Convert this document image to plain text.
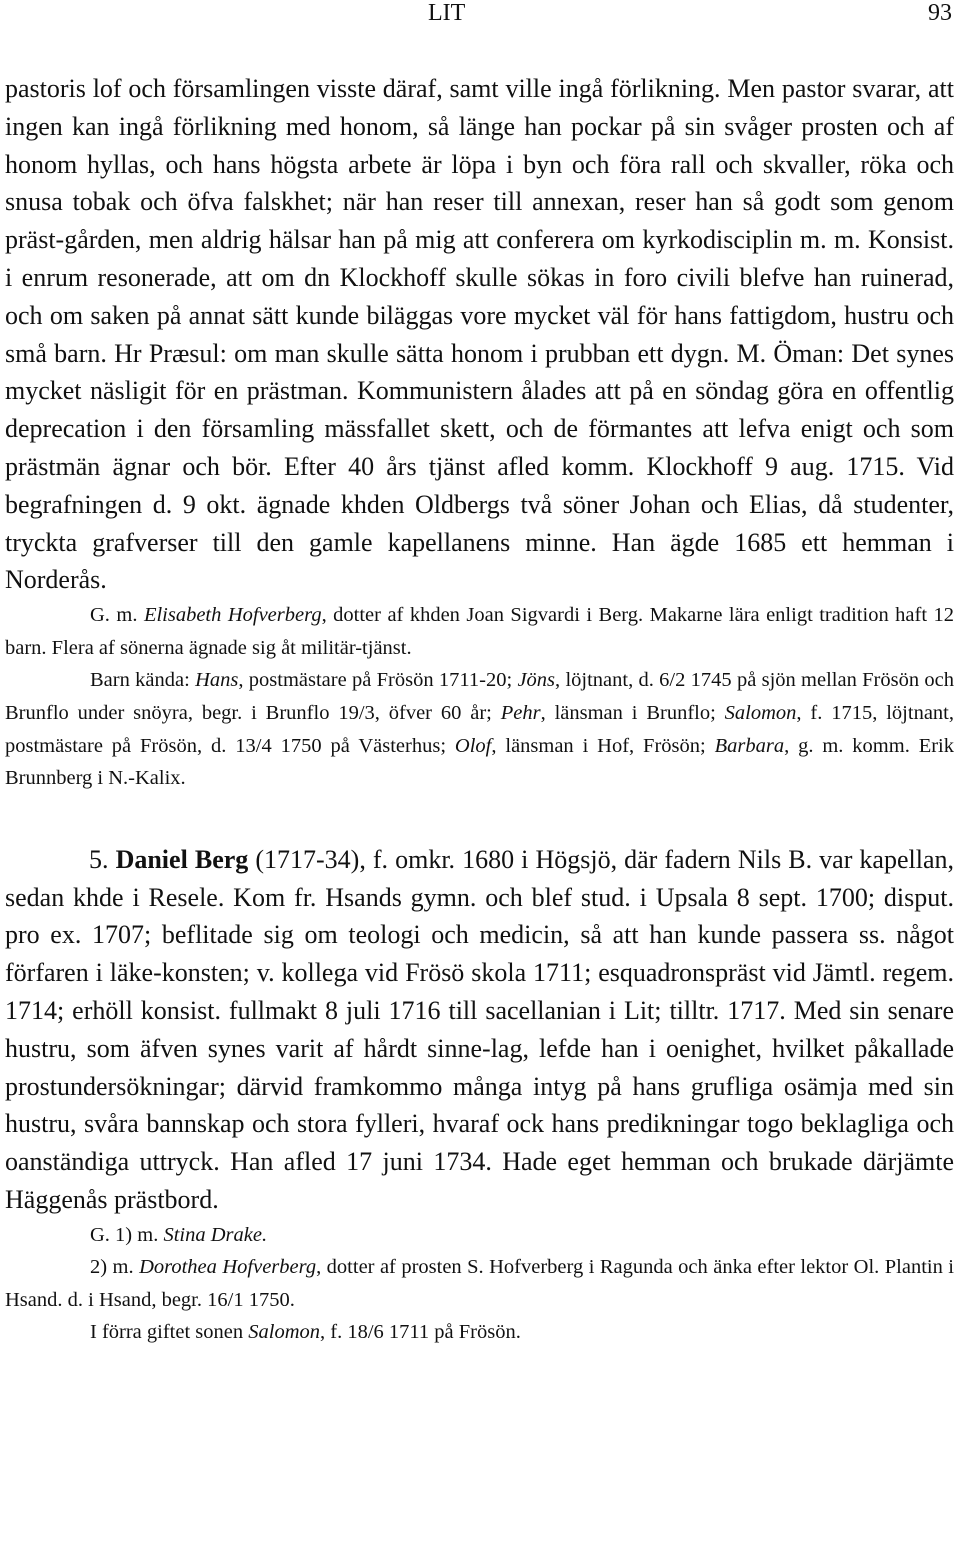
LIT	93

pastoris lof och församlingen visste däraf, samt ville ingå förlikning. Men pastor svarar, att ingen kan ingå förlikning med honom, så länge han pockar på sin svåger prosten och af honom hyllas, och hans högsta arbete är löpa i byn och föra rall och skvaller, röka och snusa tobak och öfva falskhet; när han reser till annexan, reser han så godt som genom präst-gården, men aldrig hälsar han på mig att conferera om kyrkodisciplin m. m. Konsist. i enrum resonerade, att om dn Klockhoff skulle sökas in foro civili blefve han ruinerad, och om saken på annat sätt kunde biläggas vore mycket väl för hans fattigdom, hustru och små barn. Hr Præsul: om man skulle sätta honom i prubban ett dygn. M. Öman: Det synes mycket näsligit för en prästman. Kommunistern ålades att på en söndag göra en offentlig deprecation i den församling mässfallet skett, och de förmantes att lefva enigt och som prästmän ägnar och bör. Efter 40 års tjänst afled komm. Klockhoff 9 aug. 1715. Vid begrafningen d. 9 okt. ägnade khden Oldbergs två söner Johan och Elias, då studenter, tryckta grafverser till den gamle kapellanens minne. Han ägde 1685 ett hemman i Norderås.

G. m. Elisabeth Hofverberg, dotter af khden Joan Sigvardi i Berg. Makarne lära enligt tradition haft 12 barn. Flera af sönerna ägnade sig åt militär-tjänst.

Barn kända: Hans, postmästare på Frösön 1711-20; Jöns, löjtnant, d. 6/2 1745 på sjön mellan Frösön och Brunflo under snöyra, begr. i Brunflo 19/3, öfver 60 år; Pehr, länsman i Brunflo; Salomon, f. 1715, löjtnant, postmästare på Frösön, d. 13/4 1750 på Västerhus; Olof, länsman i Hof, Frösön; Barbara, g. m. komm. Erik Brunnberg i N.-Kalix.

5. Daniel Berg (1717-34), f. omkr. 1680 i Högsjö, där fadern Nils B. var kapellan, sedan khde i Resele. Kom fr. Hsands gymn. och blef stud. i Upsala 8 sept. 1700; disput. pro ex. 1707; beflitade sig om teologi och medicin, så att han kunde passera ss. något förfaren i läke-konsten; v. kollega vid Frösö skola 1711; esquadronspräst vid Jämtl. regem. 1714; erhöll konsist. fullmakt 8 juli 1716 till sacellanian i Lit; tilltr. 1717. Med sin senare hustru, som äfven synes varit af hårdt sinne-lag, lefde han i oenighet, hvilket påkallade prostundersökningar; därvid framkommo många intyg på hans grufliga osämja med sin hustru, svåra bannskap och stora fylleri, hvaraf ock hans predikningar togo beklagliga och oanständiga uttryck. Han afled 17 juni 1734. Hade eget hemman och brukade därjämte Häggenås prästbord.

G. 1) m. Stina Drake.

2) m. Dorothea Hofverberg, dotter af prosten S. Hofverberg i Ragunda och änka efter lektor Ol. Plantin i Hsand. d. i Hsand, begr. 16/1 1750.

I förra giftet sonen Salomon, f. 18/6 1711 på Frösön.
